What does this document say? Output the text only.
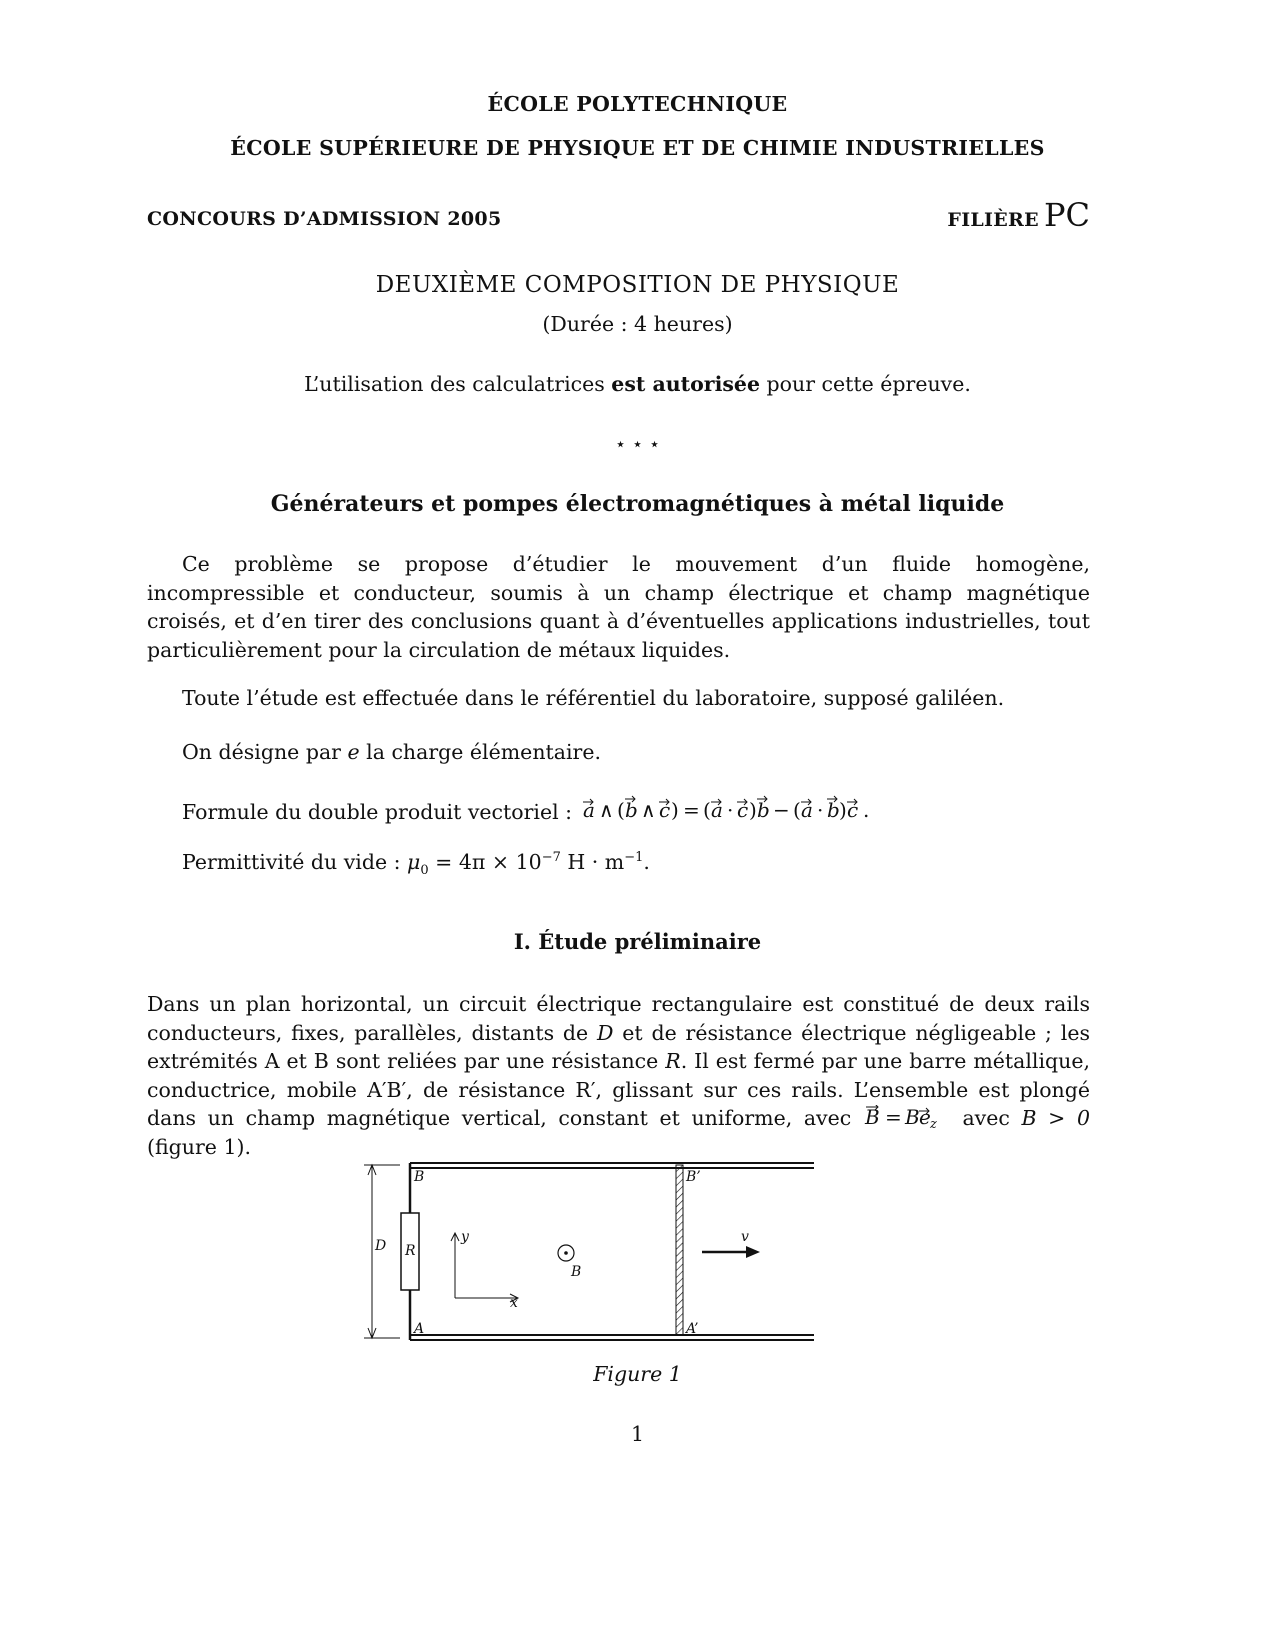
ÉCOLE POLYTECHNIQUE
ÉCOLE SUPÉRIEURE DE PHYSIQUE ET DE CHIMIE INDUSTRIELLES
CONCOURS D’ADMISSION 2005	FILIÈRE PC
DEUXIÈME COMPOSITION DE PHYSIQUE
(Durée : 4 heures)
L’utilisation des calculatrices est autorisée pour cette épreuve.
⋆ ⋆ ⋆
Générateurs et pompes électromagnétiques à métal liquide
Ce problème se propose d’étudier le mouvement d’un fluide homogène, incompressible et conducteur, soumis à un champ électrique et champ magnétique croisés, et d’en tirer des conclusions quant à d’éventuelles applications industrielles, tout particulièrement pour la circulation de métaux liquides.
Toute l’étude est effectuée dans le référentiel du laboratoire, supposé galiléen.
On désigne par e la charge élémentaire.
Formule du double produit vectoriel : a ∧ ( b ∧ c ) = ( a · c ) b − ( a · b ) c .
Permittivité du vide : $\mu_0 = 4\pi \times 10^{-7}$ $H \cdot m^{-1}$.
I. Étude préliminaire
Dans un plan horizontal, un circuit électrique rectangulaire est constitué de deux rails conducteurs, fixes, parallèles, distants de D et de résistance électrique négligeable ; les extrémités A et B sont reliées par une résistance R. Il est fermé par une barre métallique, conductrice, mobile A′B′, de résistance R′, glissant sur ces rails. L’ensemble est plongé dans un champ magnétique vertical, constant et uniforme, avec B = B e z avec B > 0 (figure 1).
B	B’
A	A’
D R
y
x
B
v
Figure 1
1
